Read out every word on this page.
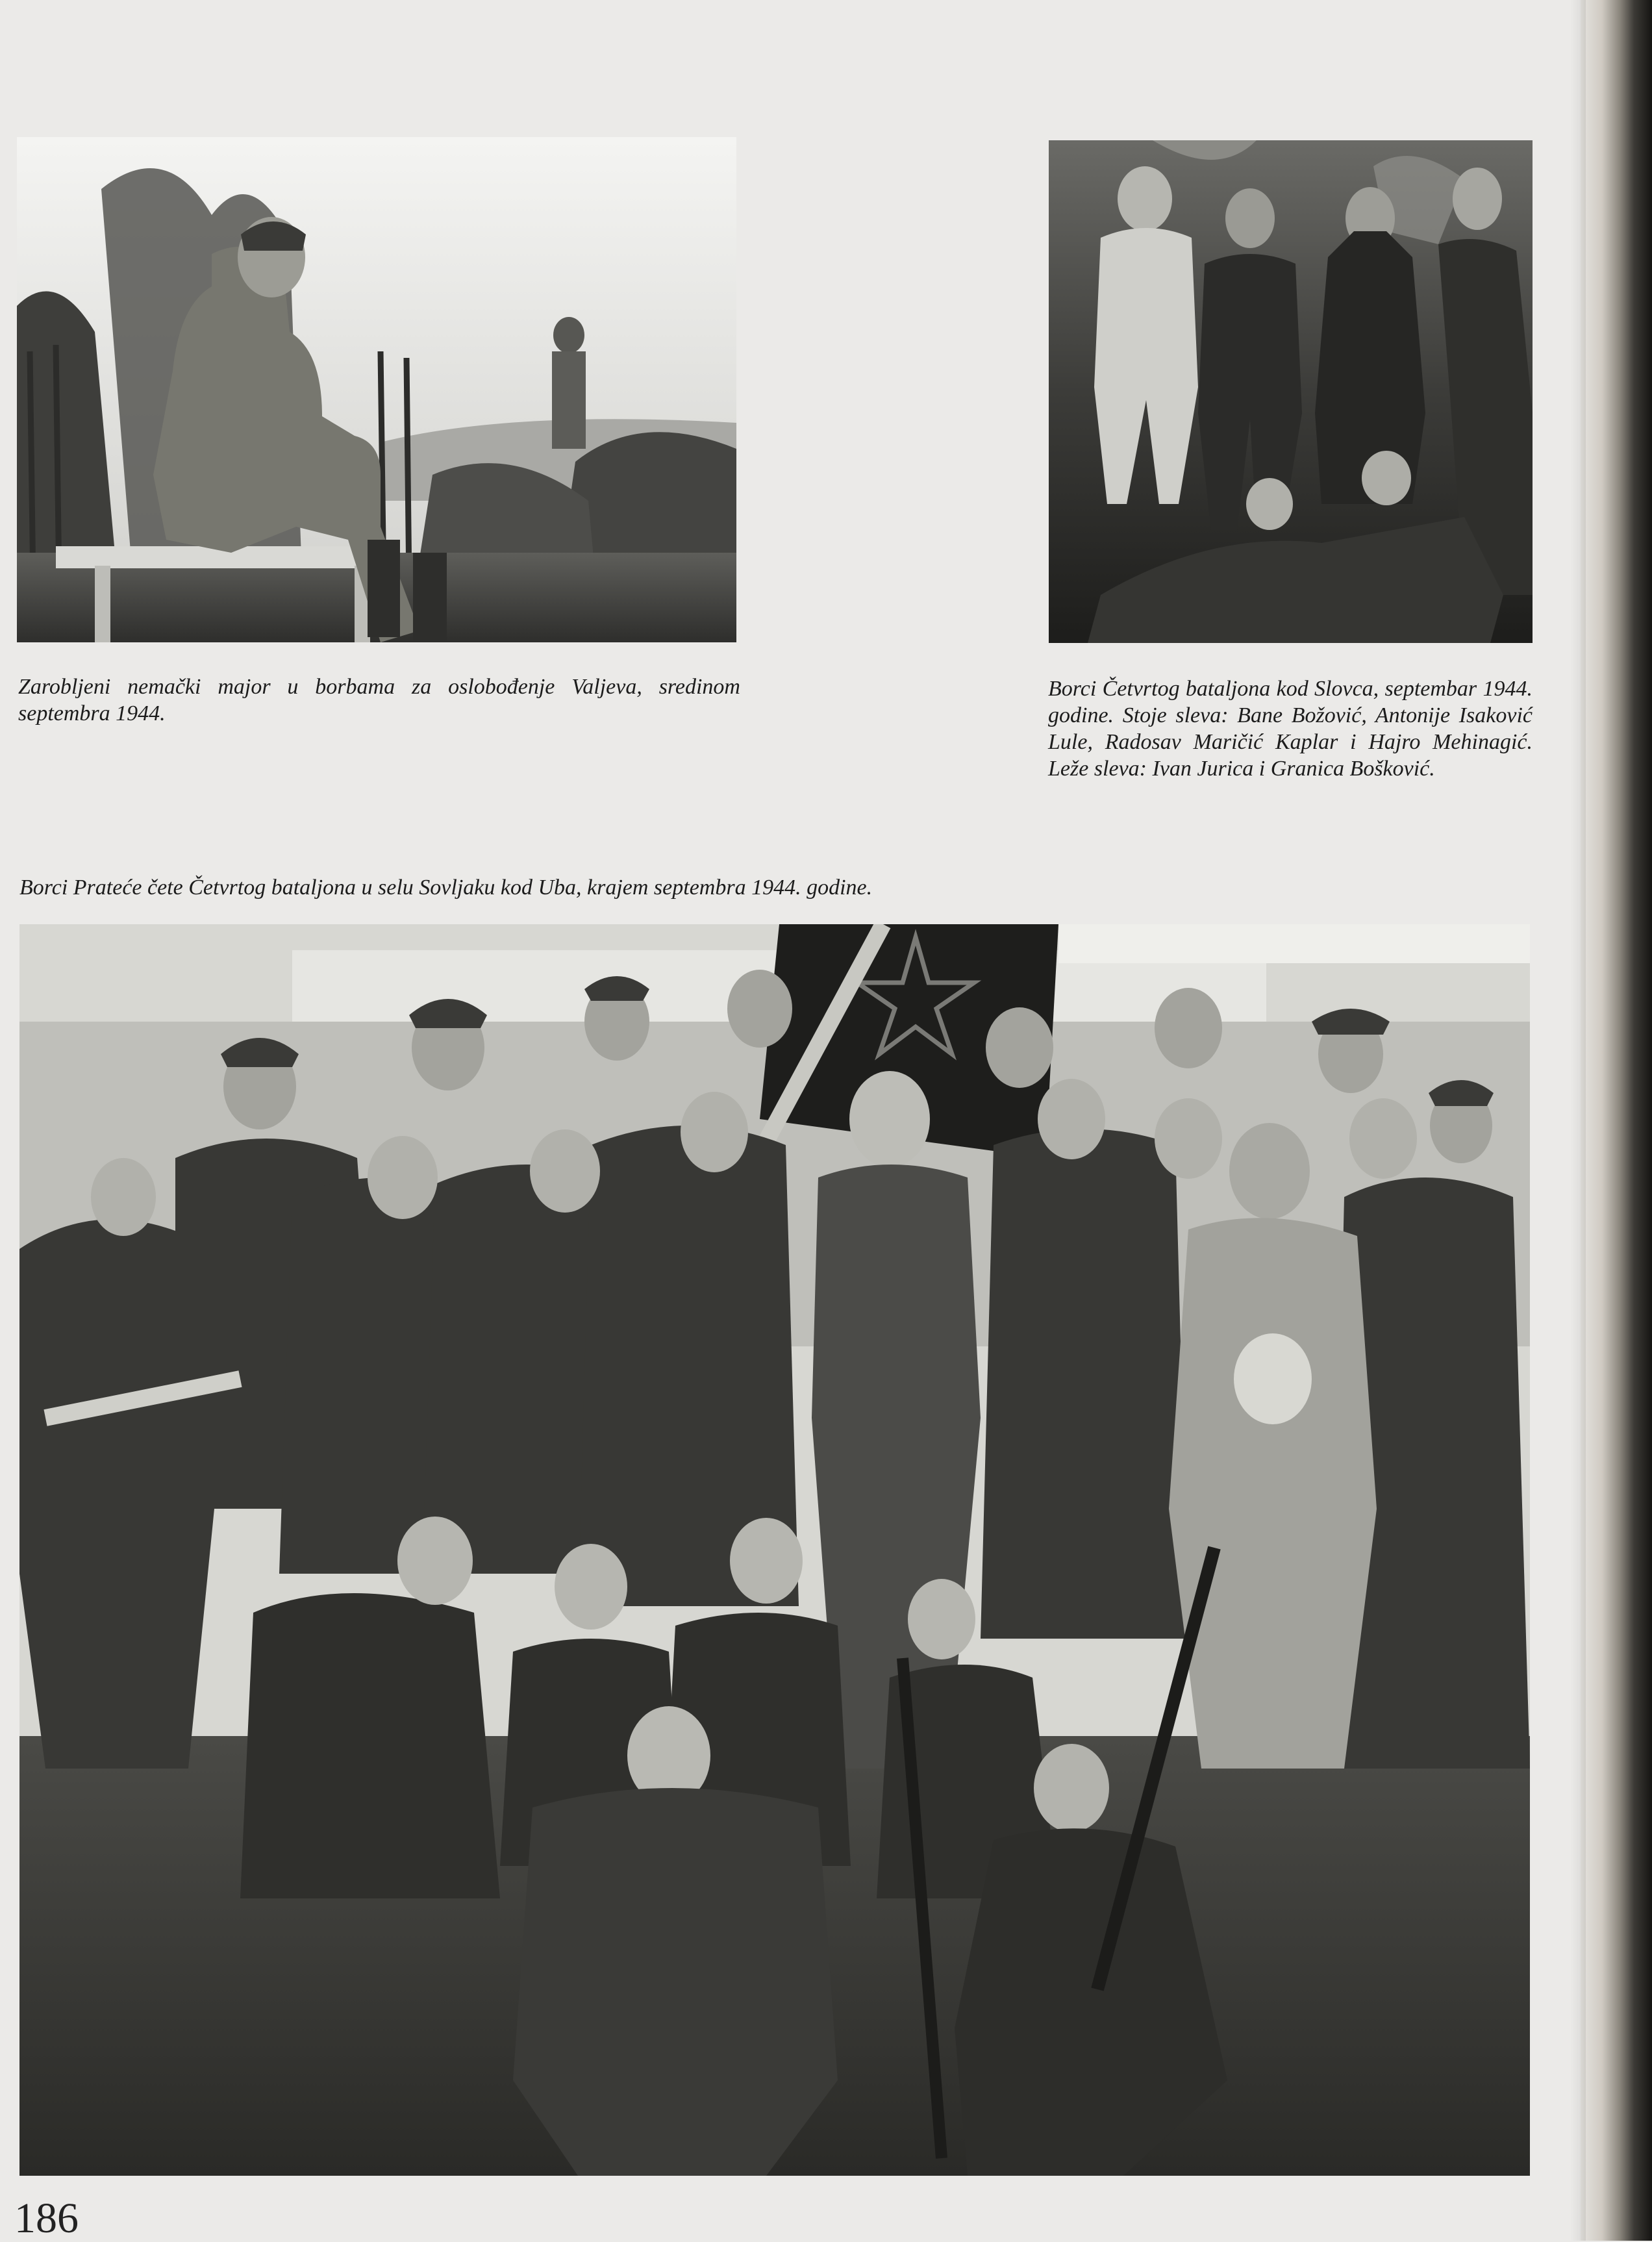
Zarobljeni nemački major u borbama za oslobođenje Valjeva, sredinom septembra 1944.

Borci Četvrtog bataljona kod Slovca, septembar 1944. godine. Stoje sleva: Bane Božović, Antonije Isaković Lule, Radosav Maričić Kaplar i Hajro Mehinagić. Leže sleva: Ivan Jurica i Granica Bošković.

Borci Prateće čete Četvrtog bataljona u selu Sovljaku kod Uba, krajem septembra 1944. godine.

186
